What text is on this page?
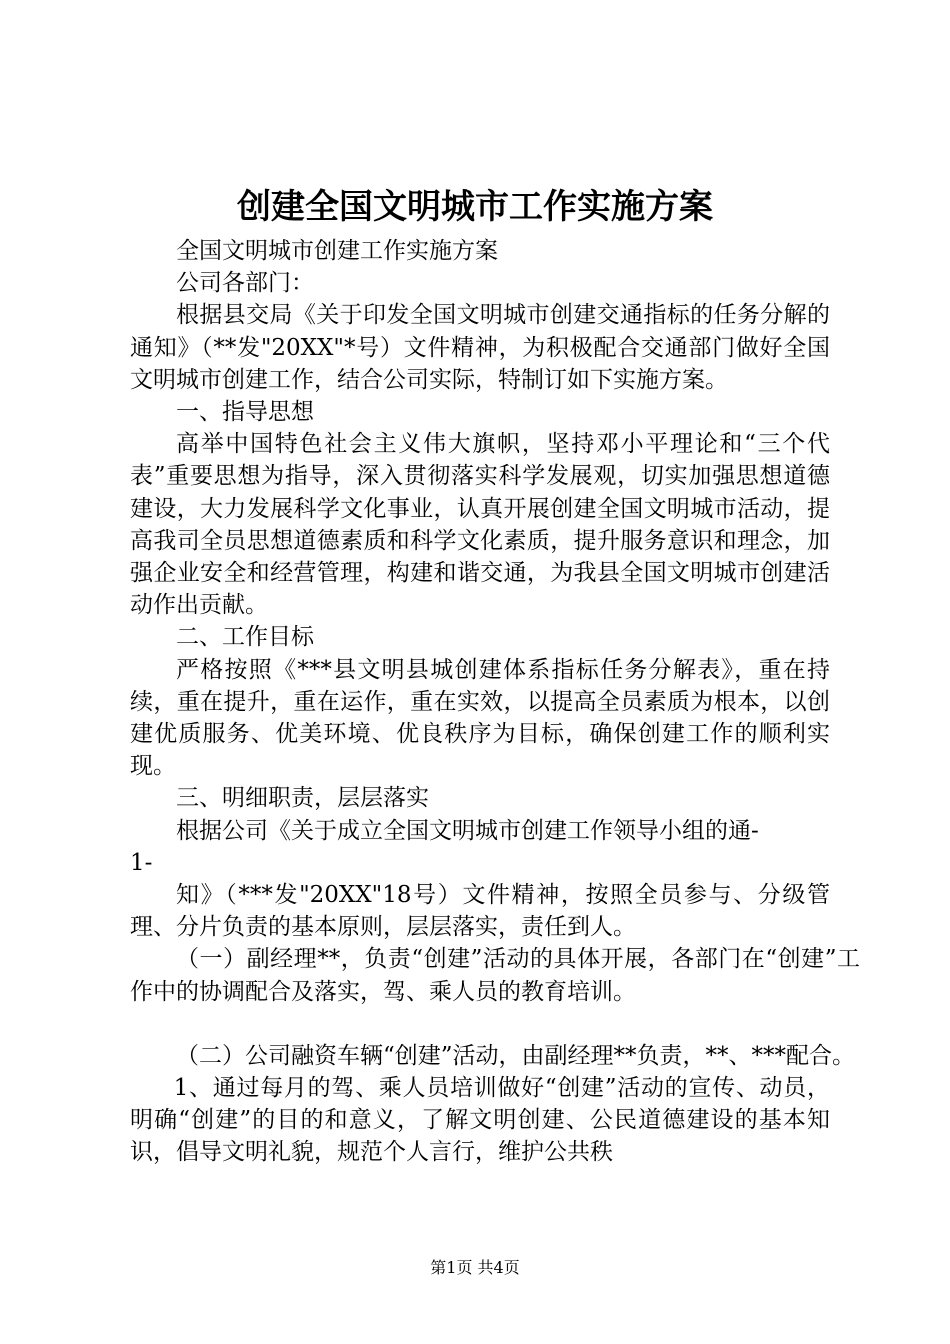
创建全国文明城市工作实施方案

全国文明城市创建工作实施方案

公司各部门：

根据县交局《关于印发全国文明城市创建交通指标的任务分解的通知》（**发"20XX"*号）文件精神，为积极配合交通部门做好全国文明城市创建工作，结合公司实际，特制订如下实施方案。

一、指导思想

高举中国特色社会主义伟大旗帜，坚持邓小平理论和“三个代表”重要思想为指导，深入贯彻落实科学发展观，切实加强思想道德建设，大力发展科学文化事业，认真开展创建全国文明城市活动，提高我司全员思想道德素质和科学文化素质，提升服务意识和理念，加强企业安全和经营管理，构建和谐交通，为我县全国文明城市创建活动作出贡献。

二、工作目标

严格按照《***县文明县城创建体系指标任务分解表》，重在持续，重在提升，重在运作，重在实效，以提高全员素质为根本，以创建优质服务、优美环境、优良秩序为目标，确保创建工作的顺利实现。

三、明细职责，层层落实

根据公司《关于成立全国文明城市创建工作领导小组的通-

1-

知》（***发"20XX"18号）文件精神，按照全员参与、分级管理、分片负责的基本原则，层层落实，责任到人。

（一）副经理**，负责“创建”活动的具体开展，各部门在“创建”工作中的协调配合及落实，驾、乘人员的教育培训。

（二）公司融资车辆“创建”活动，由副经理**负责，**、***配合。

1、通过每月的驾、乘人员培训做好“创建”活动的宣传、动员，明确“创建”的目的和意义，了解文明创建、公民道德建设的基本知识，倡导文明礼貌，规范个人言行，维护公共秩

第1页 共4页
